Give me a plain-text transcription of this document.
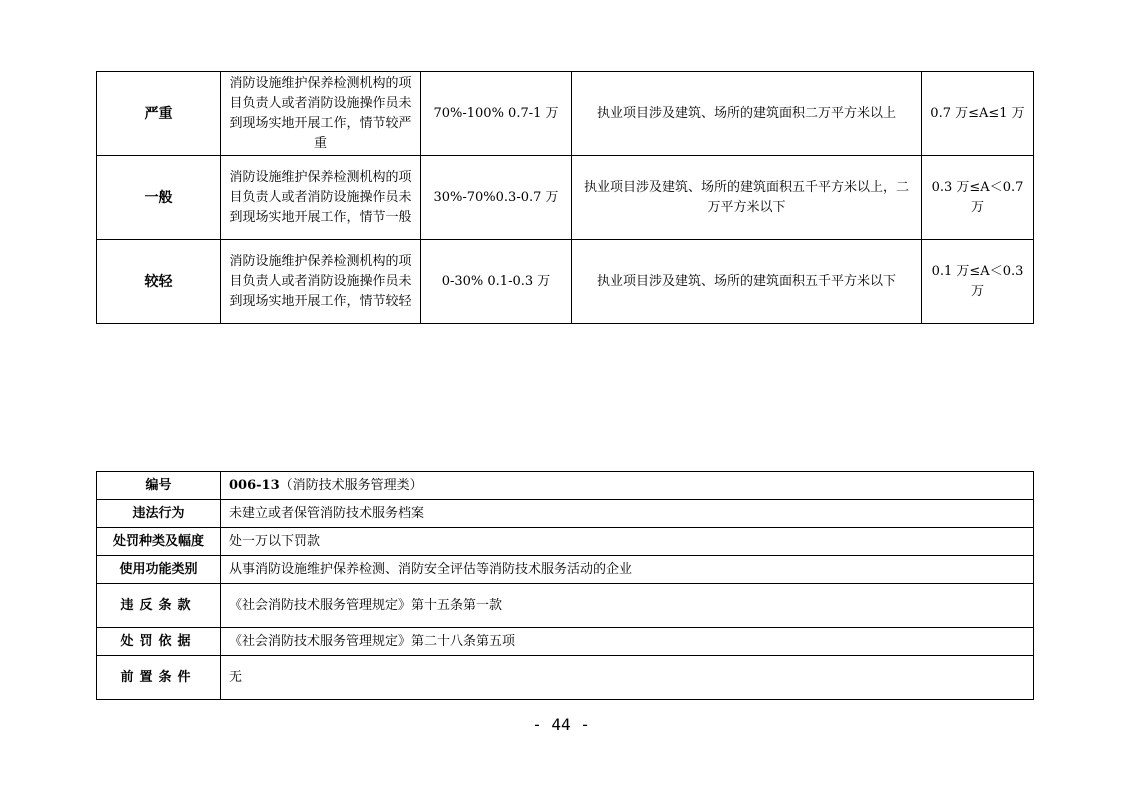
严重	消防设施维护保养检测机构的项目负责人或者消防设施操作员未到现场实地开展工作，情节较严重	70%-100% 0.7-1 万	执业项目涉及建筑、场所的建筑面积二万平方米以上	0.7 万≤A≤1 万
一般	消防设施维护保养检测机构的项目负责人或者消防设施操作员未到现场实地开展工作，情节一般	30%-70%0.3-0.7 万	执业项目涉及建筑、场所的建筑面积五千平方米以上，二万平方米以下	0.3 万≤A＜0.7 万
较轻	消防设施维护保养检测机构的项目负责人或者消防设施操作员未到现场实地开展工作，情节较轻	0-30% 0.1-0.3 万	执业项目涉及建筑、场所的建筑面积五千平方米以下	0.1 万≤A＜0.3 万
编号	006-13（消防技术服务管理类）
违法行为	未建立或者保管消防技术服务档案
处罚种类及幅度	处一万以下罚款
使用功能类别	从事消防设施维护保养检测、消防安全评估等消防技术服务活动的企业
违反条款	《社会消防技术服务管理规定》第十五条第一款
处罚依据	《社会消防技术服务管理规定》第二十八条第五项
前置条件	无
- 44 -
